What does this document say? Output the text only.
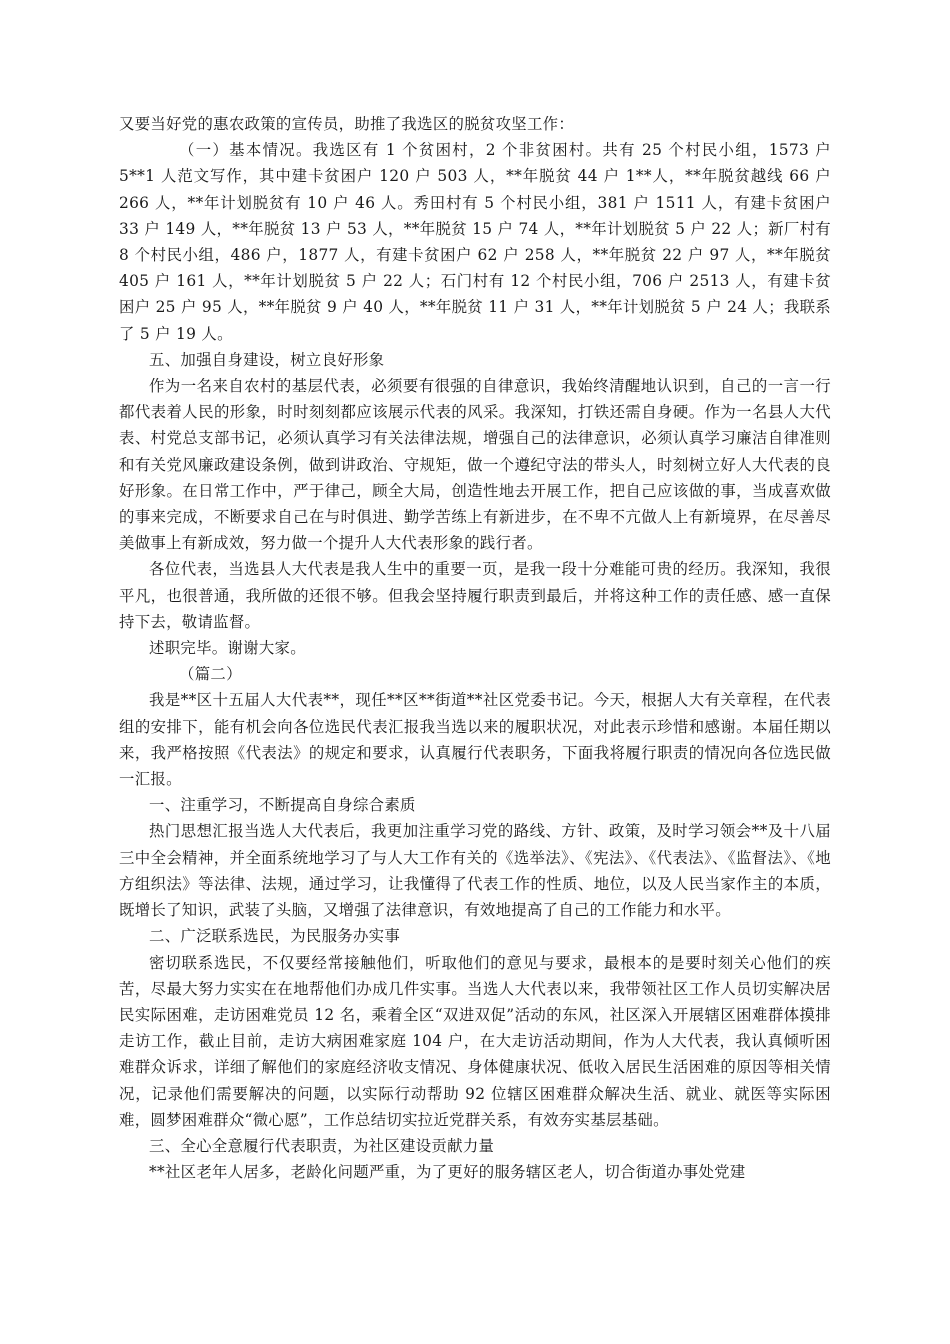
又要当好党的惠农政策的宣传员，助推了我选区的脱贫攻坚工作：

（一）基本情况。我选区有 1 个贫困村，2 个非贫困村。共有 25 个村民小组，1573 户 5**1 人范文写作，其中建卡贫困户 120 户 503 人，**年脱贫 44 户 1**人，**年脱贫越线 66 户 266 人，**年计划脱贫有 10 户 46 人。秀田村有 5 个村民小组，381 户 1511 人，有建卡贫困户 33 户 149 人，**年脱贫 13 户 53 人，**年脱贫 15 户 74 人，**年计划脱贫 5 户 22 人；新厂村有 8 个村民小组，486 户，1877 人，有建卡贫困户 62 户 258 人，**年脱贫 22 户 97 人，**年脱贫 405 户 161 人，**年计划脱贫 5 户 22 人；石门村有 12 个村民小组，706 户 2513 人，有建卡贫困户 25 户 95 人，**年脱贫 9 户 40 人，**年脱贫 11 户 31 人，**年计划脱贫 5 户 24 人；我联系了 5 户 19 人。

五、加强自身建设，树立良好形象

作为一名来自农村的基层代表，必须要有很强的自律意识，我始终清醒地认识到，自己的一言一行都代表着人民的形象，时时刻刻都应该展示代表的风采。我深知，打铁还需自身硬。作为一名县人大代表、村党总支部书记，必须认真学习有关法律法规，增强自己的法律意识，必须认真学习廉洁自律准则和有关党风廉政建设条例，做到讲政治、守规矩，做一个遵纪守法的带头人，时刻树立好人大代表的良好形象。在日常工作中，严于律己，顾全大局，创造性地去开展工作，把自己应该做的事，当成喜欢做的事来完成，不断要求自己在与时俱进、勤学苦练上有新进步，在不卑不亢做人上有新境界，在尽善尽美做事上有新成效，努力做一个提升人大代表形象的践行者。

各位代表，当选县人大代表是我人生中的重要一页，是我一段十分难能可贵的经历。我深知，我很平凡，也很普通，我所做的还很不够。但我会坚持履行职责到最后，并将这种工作的责任感、感一直保持下去，敬请监督。

述职完毕。谢谢大家。

（篇二）

我是**区十五届人大代表**，现任**区**街道**社区党委书记。今天，根据人大有关章程，在代表组的安排下，能有机会向各位选民代表汇报我当选以来的履职状况，对此表示珍惜和感谢。本届任期以来，我严格按照《代表法》的规定和要求，认真履行代表职务，下面我将履行职责的情况向各位选民做一汇报。

一、注重学习，不断提高自身综合素质

热门思想汇报当选人大代表后，我更加注重学习党的路线、方针、政策，及时学习领会**及十八届三中全会精神，并全面系统地学习了与人大工作有关的《选举法》、《宪法》、《代表法》、《监督法》、《地方组织法》等法律、法规，通过学习，让我懂得了代表工作的性质、地位，以及人民当家作主的本质，既增长了知识，武装了头脑，又增强了法律意识，有效地提高了自己的工作能力和水平。

二、广泛联系选民，为民服务办实事

密切联系选民，不仅要经常接触他们，听取他们的意见与要求，最根本的是要时刻关心他们的疾苦，尽最大努力实实在在地帮他们办成几件实事。当选人大代表以来，我带领社区工作人员切实解决居民实际困难，走访困难党员 12 名，乘着全区“双进双促”活动的东风，社区深入开展辖区困难群体摸排走访工作，截止目前，走访大病困难家庭 104 户，在大走访活动期间，作为人大代表，我认真倾听困难群众诉求，详细了解他们的家庭经济收支情况、身体健康状况、低收入居民生活困难的原因等相关情况，记录他们需要解决的问题，以实际行动帮助 92 位辖区困难群众解决生活、就业、就医等实际困难，圆梦困难群众“微心愿”，工作总结切实拉近党群关系，有效夯实基层基础。

三、全心全意履行代表职责，为社区建设贡献力量

**社区老年人居多，老龄化问题严重，为了更好的服务辖区老人，切合街道办事处党建
